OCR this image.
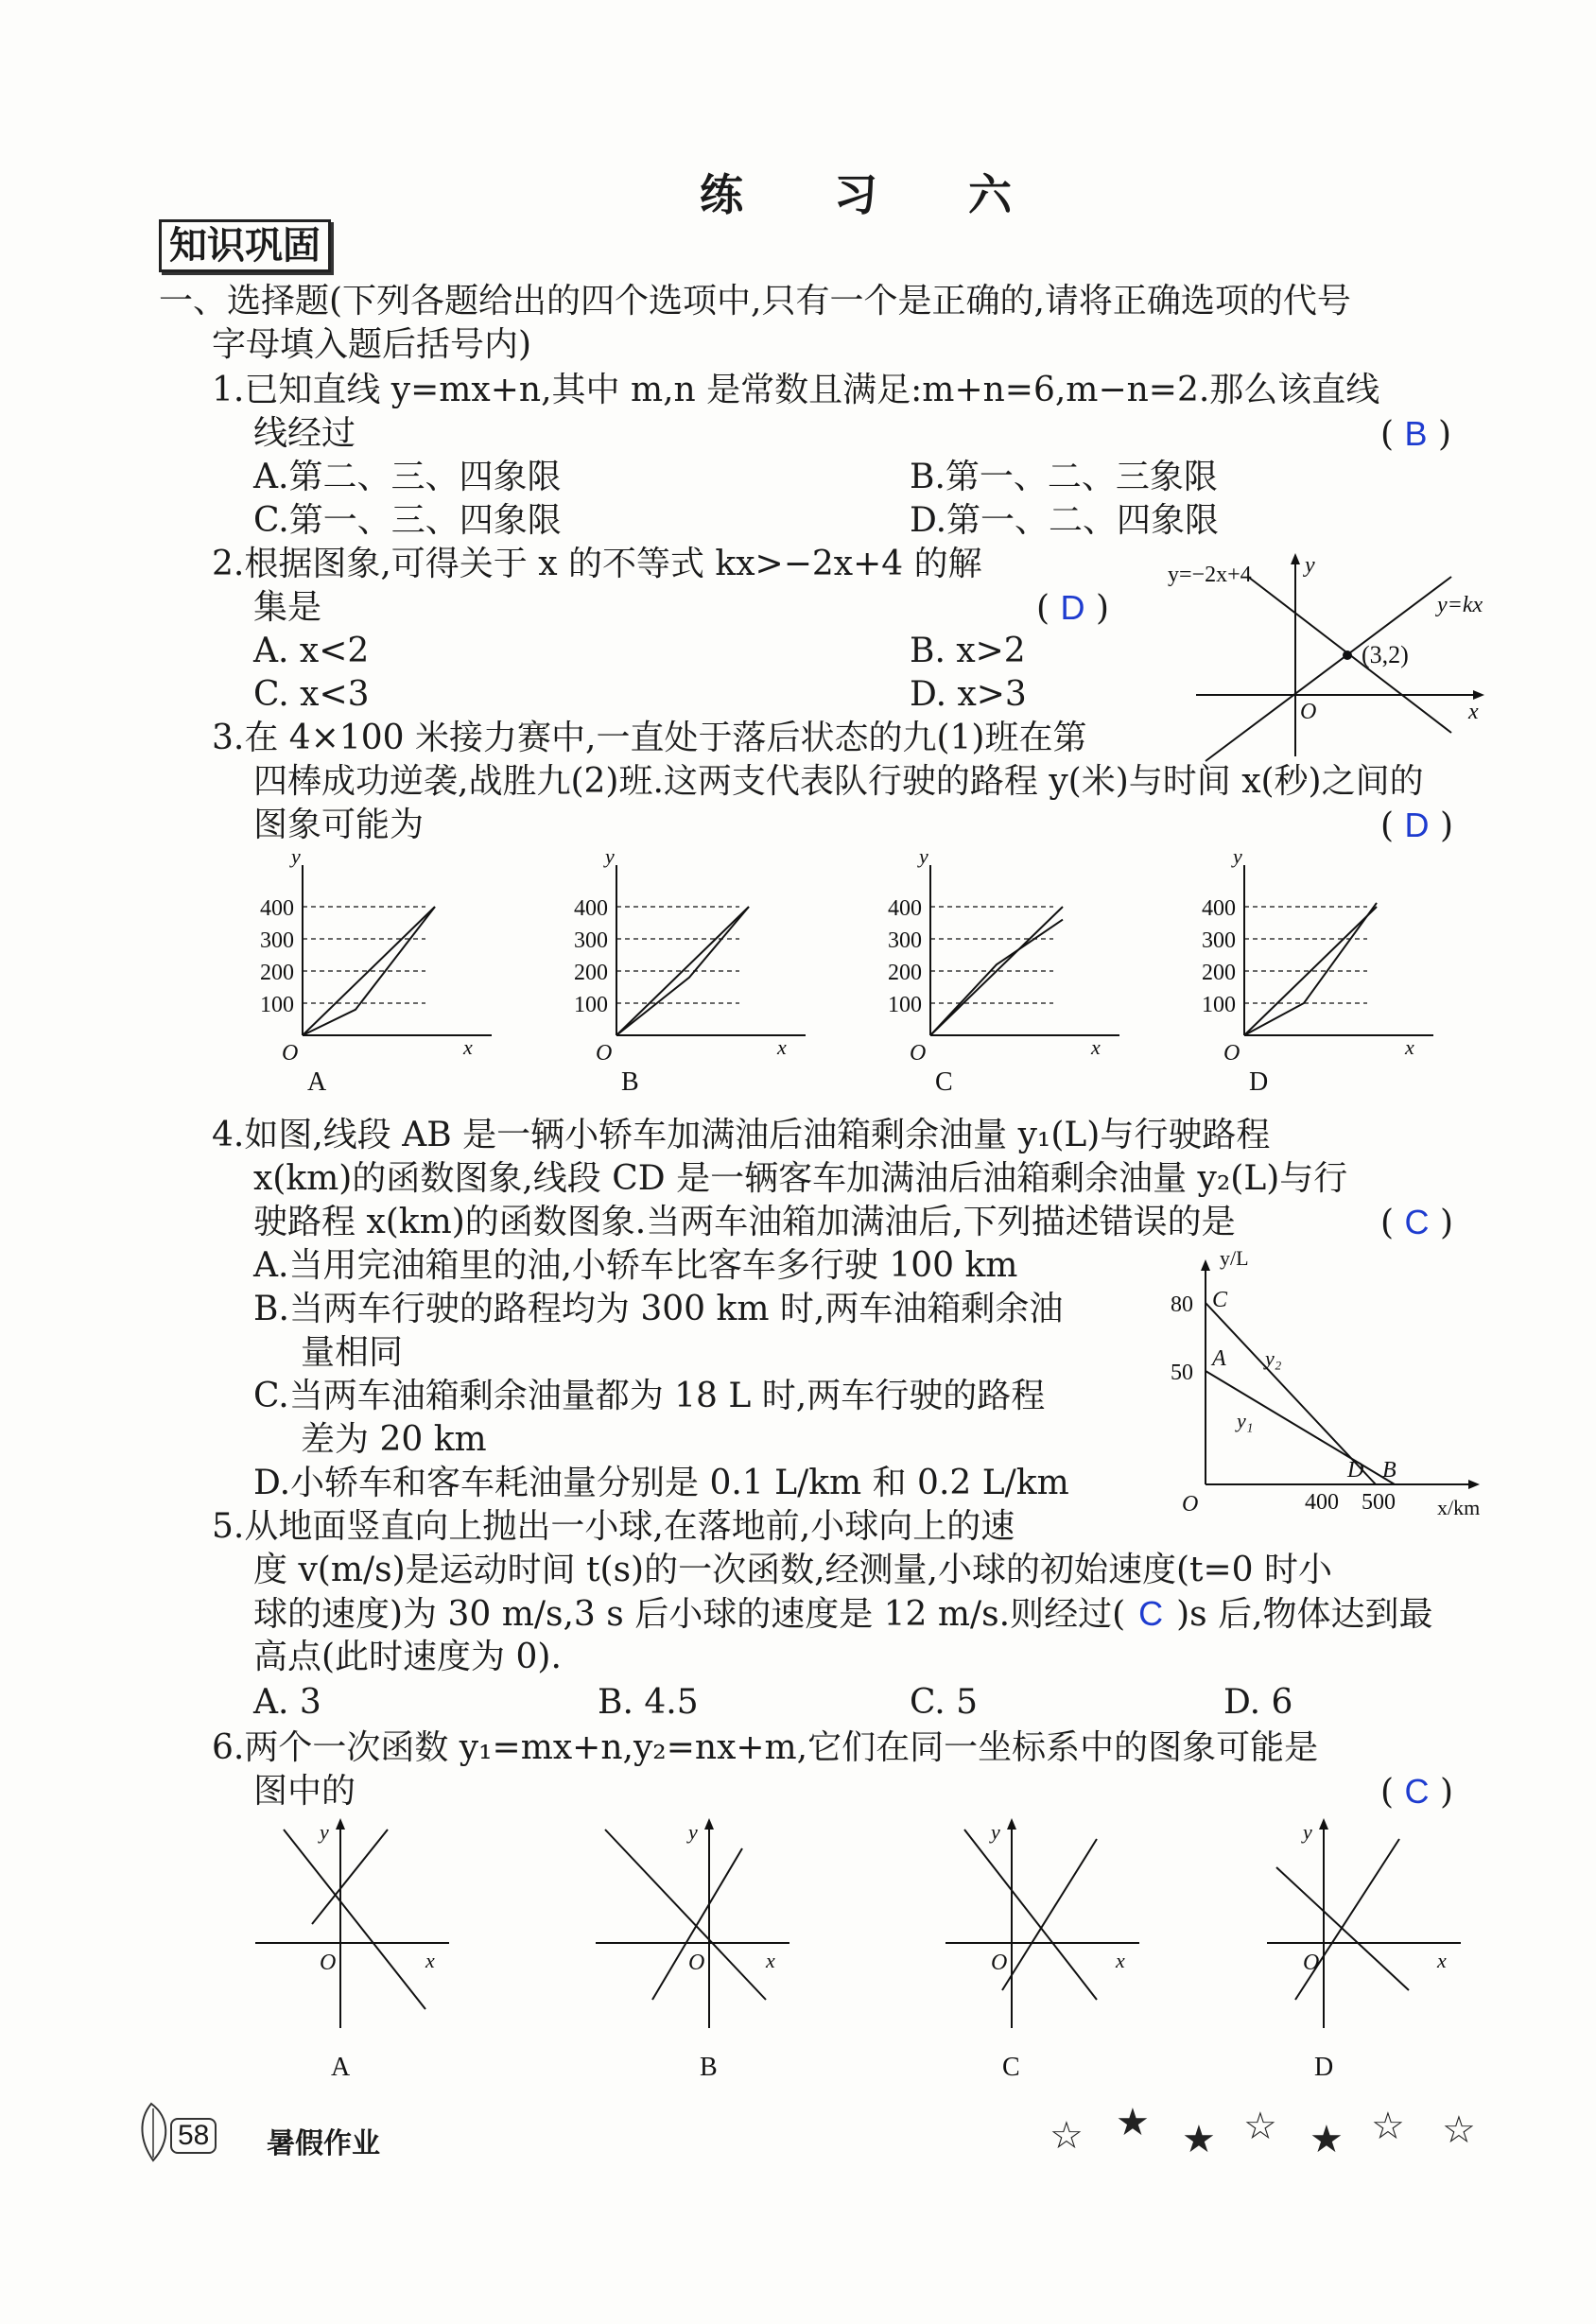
练 习 六
知识巩固
一、选择题(下列各题给出的四个选项中,只有一个是正确的,请将正确选项的代号
字母填入题后括号内)
1.已知直线 y=mx+n,其中 m,n 是常数且满足:m+n=6,m−n=2.那么该直线
线经过	( B )
A.第二、三、四象限	B.第一、二、三象限
C.第一、三、四象限	D.第一、二、四象限
2.根据图象,可得关于 x 的不等式 kx>−2x+4 的解
集是	( D )
A. x<2	B. x>2
C. x<3	D. x>3
y=−2x+4
y=kx
(3,2)
y
x
O
3.在 4×100 米接力赛中,一直处于落后状态的九(1)班在第
四棒成功逆袭,战胜九(2)班.这两支代表队行驶的路程 y(米)与时间 x(秒)之间的
图象可能为	( D )
400
300
200
100
y
x
O
A
400
300
200
100
y
x
O
B
400
300
200
100
y
x
O
C
400
300
200
100
y
x
O
D
4.如图,线段 AB 是一辆小轿车加满油后油箱剩余油量 y₁(L)与行驶路程
x(km)的函数图象,线段 CD 是一辆客车加满油后油箱剩余油量 y₂(L)与行
驶路程 x(km)的函数图象.当两车油箱加满油后,下列描述错误的是	( C )
A.当用完油箱里的油,小轿车比客车多行驶 100 km
B.当两车行驶的路程均为 300 km 时,两车油箱剩余油
量相同
C.当两车油箱剩余油量都为 18 L 时,两车行驶的路程
差为 20 km
D.小轿车和客车耗油量分别是 0.1 L/km 和 0.2 L/km
y/L
x/km
O
80
50
400 500
C
A
D B
y₂
y₁
5.从地面竖直向上抛出一小球,在落地前,小球向上的速
度 v(m/s)是运动时间 t(s)的一次函数,经测量,小球的初始速度(t=0 时小
球的速度)为 30 m/s,3 s 后小球的速度是 12 m/s.则经过( C )s 后,物体达到最
高点(此时速度为 0).
A. 3	B. 4.5	C. 5	D. 6
6.两个一次函数 y₁=mx+n,y₂=nx+m,它们在同一坐标系中的图象可能是
图中的	( C )
y
x
O
A
y
x
O
B
y
x
O
C
y
x
O
D
58 暑假作业	☆ ★ ★ ☆ ★ ☆ ☆
